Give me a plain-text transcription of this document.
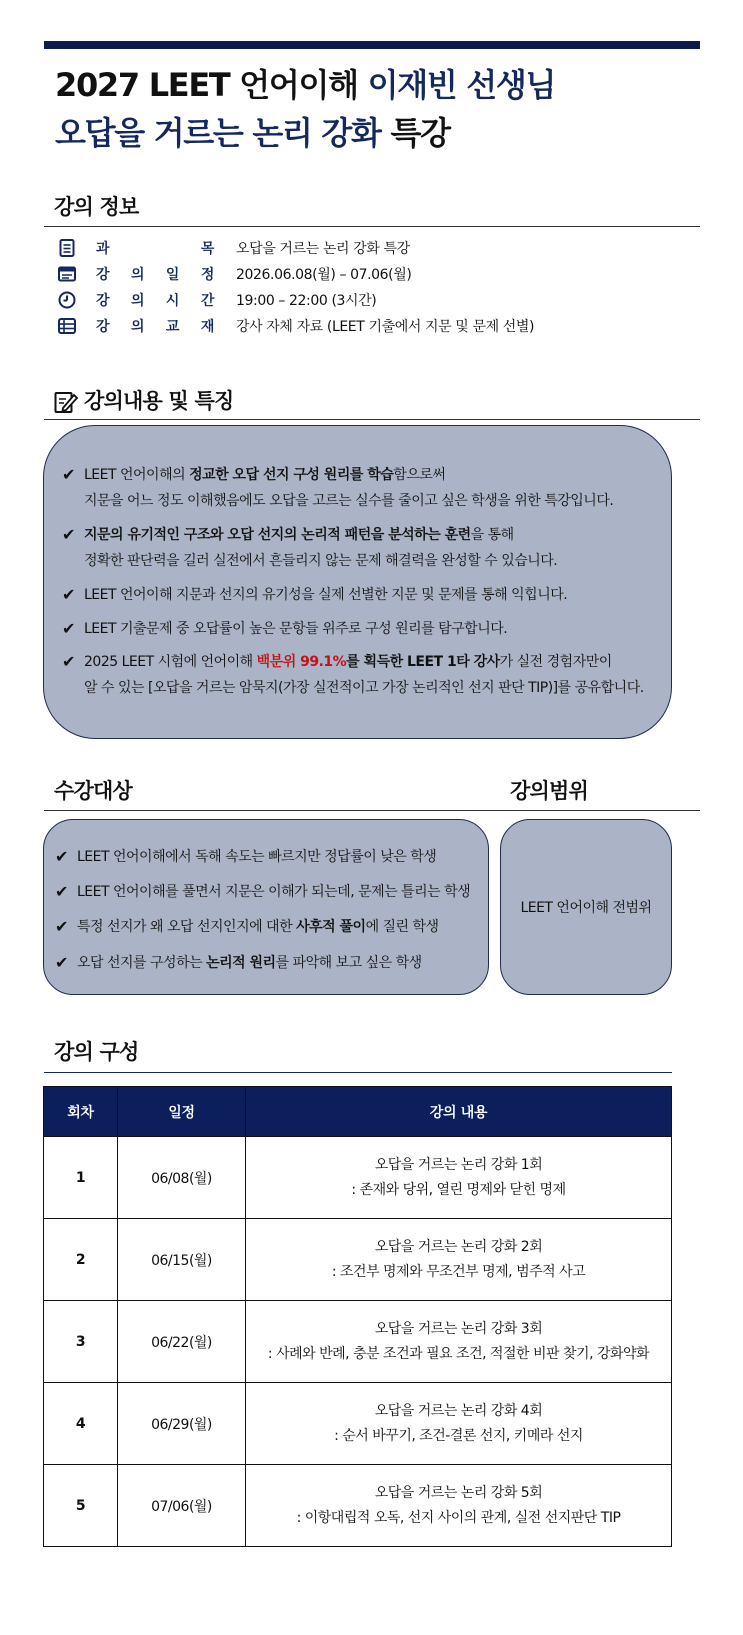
2027 LEET 언어이해 이재빈 선생님
오답을 거르는 논리 강화 특강
강의 정보
과	목 오답을 거르는 논리 강화 특강
강 의 일 정 2026.06.08(월) – 07.06(월)
강 의 시 간 19:00 – 22:00 (3시간)
강 의 교 재 강사 자체 자료 (LEET 기출에서 지문 및 문제 선별)
강의내용 및 특징
✔ LEET 언어이해의 정교한 오답 선지 구성 원리를 학습함으로써
지문을 어느 정도 이해했음에도 오답을 고르는 실수를 줄이고 싶은 학생을 위한 특강입니다.
✔ 지문의 유기적인 구조와 오답 선지의 논리적 패턴을 분석하는 훈련을 통해
정확한 판단력을 길러 실전에서 흔들리지 않는 문제 해결력을 완성할 수 있습니다.
✔ LEET 언어이해 지문과 선지의 유기성을 실제 선별한 지문 및 문제를 통해 익힙니다.
✔ LEET 기출문제 중 오답률이 높은 문항들 위주로 구성 원리를 탐구합니다.
✔ 2025 LEET 시험에 언어이해 백분위 99.1%를 획득한 LEET 1타 강사가 실전 경험자만이
알 수 있는 [오답을 거르는 암묵지(가장 실전적이고 가장 논리적인 선지 판단 TIP)]를 공유합니다.
수강대상	강의범위
LEET 언어이해 전범위
✔ LEET 언어이해에서 독해 속도는 빠르지만 정답률이 낮은 학생
✔ LEET 언어이해를 풀면서 지문은 이해가 되는데, 문제는 틀리는 학생
✔ 특정 선지가 왜 오답 선지인지에 대한 사후적 풀이에 질린 학생
✔ 오답 선지를 구성하는 논리적 원리를 파악해 보고 싶은 학생
강의 구성
회차	일정	강의 내용
1	06/08(월)	오답을 거르는 논리 강화 1회
: 존재와 당위, 열린 명제와 닫힌 명제
2	06/15(월)	오답을 거르는 논리 강화 2회
: 조건부 명제와 무조건부 명제, 범주적 사고
3	06/22(월)	오답을 거르는 논리 강화 3회
: 사례와 반례, 충분 조건과 필요 조건, 적절한 비판 찾기, 강화약화
4	06/29(월)	오답을 거르는 논리 강화 4회
: 순서 바꾸기, 조건-결론 선지, 키메라 선지
5	07/06(월)	오답을 거르는 논리 강화 5회
: 이항대립적 오독, 선지 사이의 관계, 실전 선지판단 TIP
